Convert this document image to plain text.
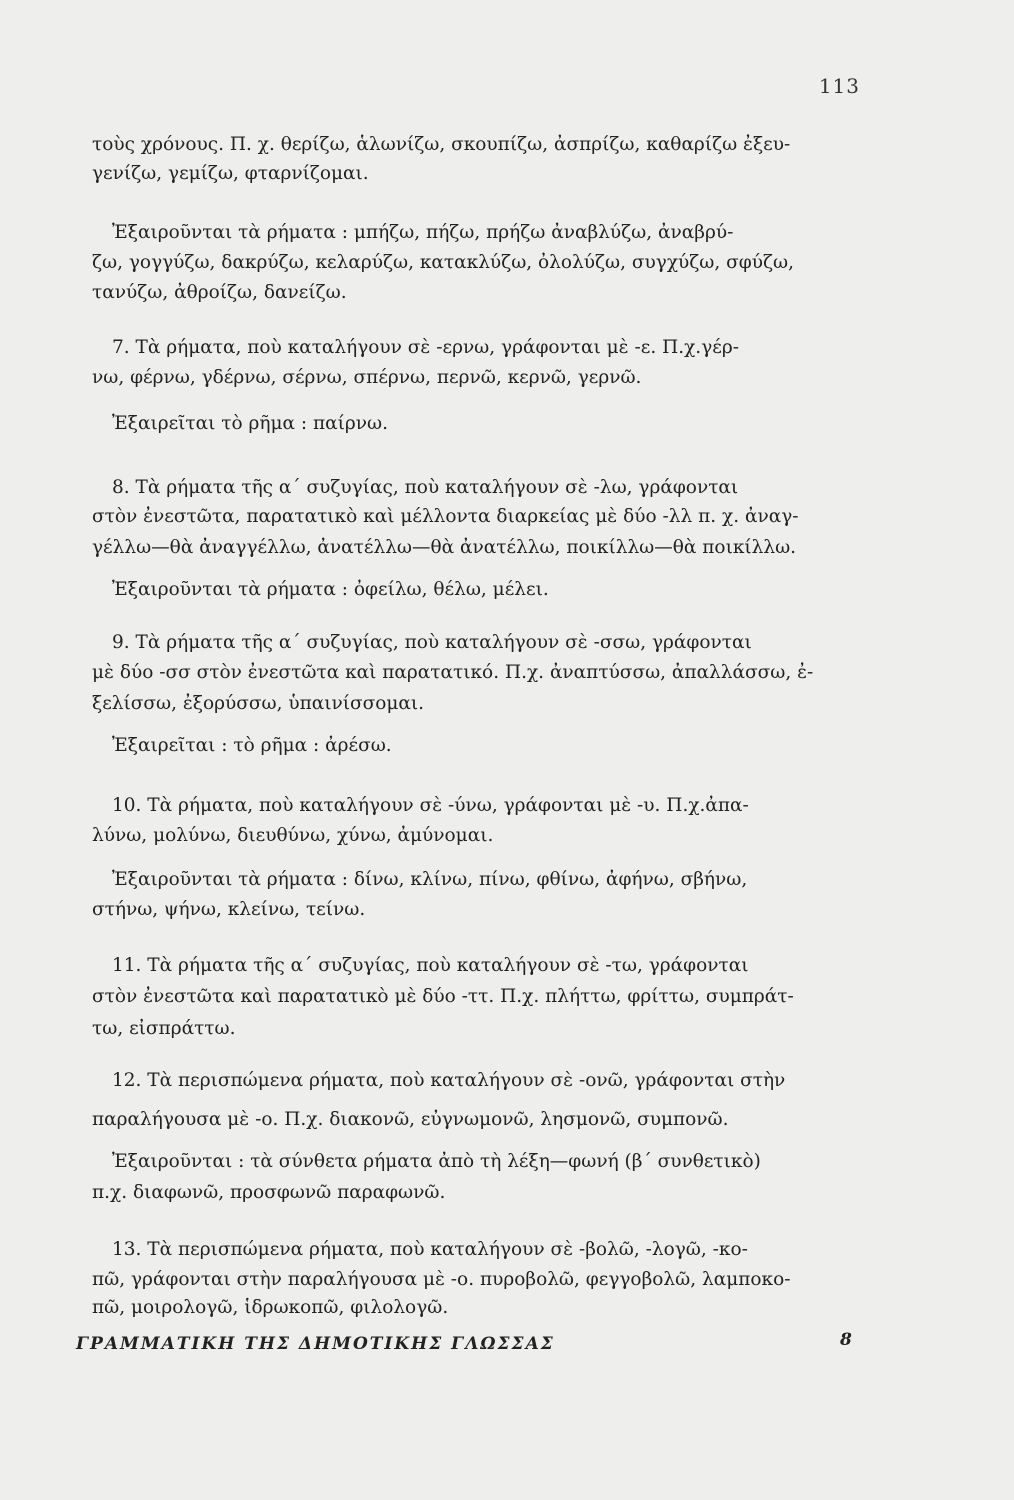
113
τοὺς χρόνους. Π. χ. θερίζω, ἁλωνίζω, σκουπίζω, ἀσπρίζω, καθαρίζω ἐξευ-
γενίζω, γεμίζω, φταρνίζομαι.
Ἐξαιροῦνται τὰ ρήματα : μπήζω, πήζω, πρήζω ἀναβλύζω, ἀναβρύ-
ζω, γογγύζω, δακρύζω, κελαρύζω, κατακλύζω, ὀλολύζω, συγχύζω, σφύζω,
τανύζω, ἀθροίζω, δανείζω.
7. Τὰ ρήματα, ποὺ καταλήγουν σὲ -ερνω, γράφονται μὲ -ε. Π.χ.γέρ-
νω, φέρνω, γδέρνω, σέρνω, σπέρνω, περνῶ, κερνῶ, γερνῶ.
Ἐξαιρεῖται τὸ ρῆμα : παίρνω.
8. Τὰ ρήματα τῆς α΄ συζυγίας, ποὺ καταλήγουν σὲ -λω, γράφονται
στὸν ἐνεστῶτα, παρατατικὸ καὶ μέλλοντα διαρκείας μὲ δύο -λλ π. χ. ἀναγ-
γέλλω—θὰ ἀναγγέλλω, ἀνατέλλω—θὰ ἀνατέλλω, ποικίλλω—θὰ ποικίλλω.
Ἐξαιροῦνται τὰ ρήματα : ὀφείλω, θέλω, μέλει.
9. Τὰ ρήματα τῆς α΄ συζυγίας, ποὺ καταλήγουν σὲ -σσω, γράφονται
μὲ δύο -σσ στὸν ἐνεστῶτα καὶ παρατατικό. Π.χ. ἀναπτύσσω, ἀπαλλάσσω, ἐ-
ξελίσσω, ἐξορύσσω, ὑπαινίσσομαι.
Ἐξαιρεῖται : τὸ ρῆμα : ἀρέσω.
10. Τὰ ρήματα, ποὺ καταλήγουν σὲ -ύνω, γράφονται μὲ -υ. Π.χ.ἀπα-
λύνω, μολύνω, διευθύνω, χύνω, ἀμύνομαι.
Ἐξαιροῦνται τὰ ρήματα : δίνω, κλίνω, πίνω, φθίνω, ἀφήνω, σβήνω,
στήνω, ψήνω, κλείνω, τείνω.
11. Τὰ ρήματα τῆς α΄ συζυγίας, ποὺ καταλήγουν σὲ -τω, γράφονται
στὸν ἐνεστῶτα καὶ παρατατικὸ μὲ δύο -ττ. Π.χ. πλήττω, φρίττω, συμπράτ-
τω, εἰσπράττω.
12. Τὰ περισπώμενα ρήματα, ποὺ καταλήγουν σὲ -ονῶ, γράφονται στὴν
παραλήγουσα μὲ -ο. Π.χ. διακονῶ, εὐγνωμονῶ, λησμονῶ, συμπονῶ.
Ἐξαιροῦνται : τὰ σύνθετα ρήματα ἀπὸ τὴ λέξη—φωνή (β΄ συνθετικὸ)
π.χ. διαφωνῶ, προσφωνῶ παραφωνῶ.
13. Τὰ περισπώμενα ρήματα, ποὺ καταλήγουν σὲ -βολῶ, -λογῶ, -κο-
πῶ, γράφονται στὴν παραλήγουσα μὲ -ο. πυροβολῶ, φεγγοβολῶ, λαμποκο-
πῶ, μοιρολογῶ, ἱδρωκοπῶ, φιλολογῶ.
ΓΡΑΜΜΑΤΙΚΗ ΤΗΣ ΔΗΜΟΤΙΚΗΣ ΓΛΩΣΣΑΣ	8
